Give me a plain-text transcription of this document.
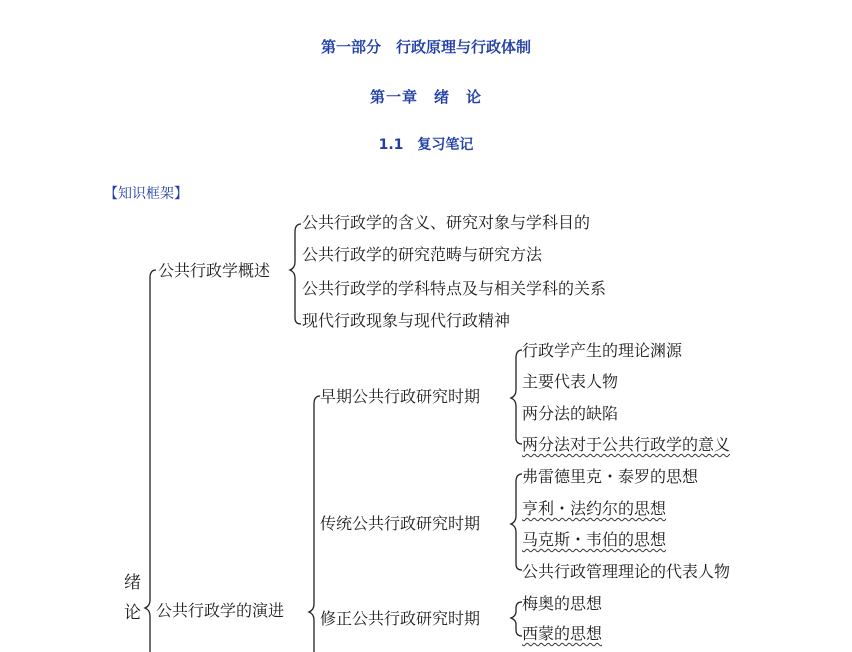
第一部分　行政原理与行政体制
第一章　绪　论
1.1　复习笔记
【知识框架】
绪
论
公共行政学概述
公共行政学的含义、研究对象与学科目的
公共行政学的研究范畴与研究方法
公共行政学的学科特点及与相关学科的关系
现代行政现象与现代行政精神
公共行政学的演进
早期公共行政研究时期
行政学产生的理论渊源
主要代表人物
两分法的缺陷
两分法对于公共行政学的意义
传统公共行政研究时期
弗雷德里克・泰罗的思想
亨利・法约尔的思想
马克斯・韦伯的思想
公共行政管理理论的代表人物
修正公共行政研究时期
梅奥的思想
西蒙的思想
